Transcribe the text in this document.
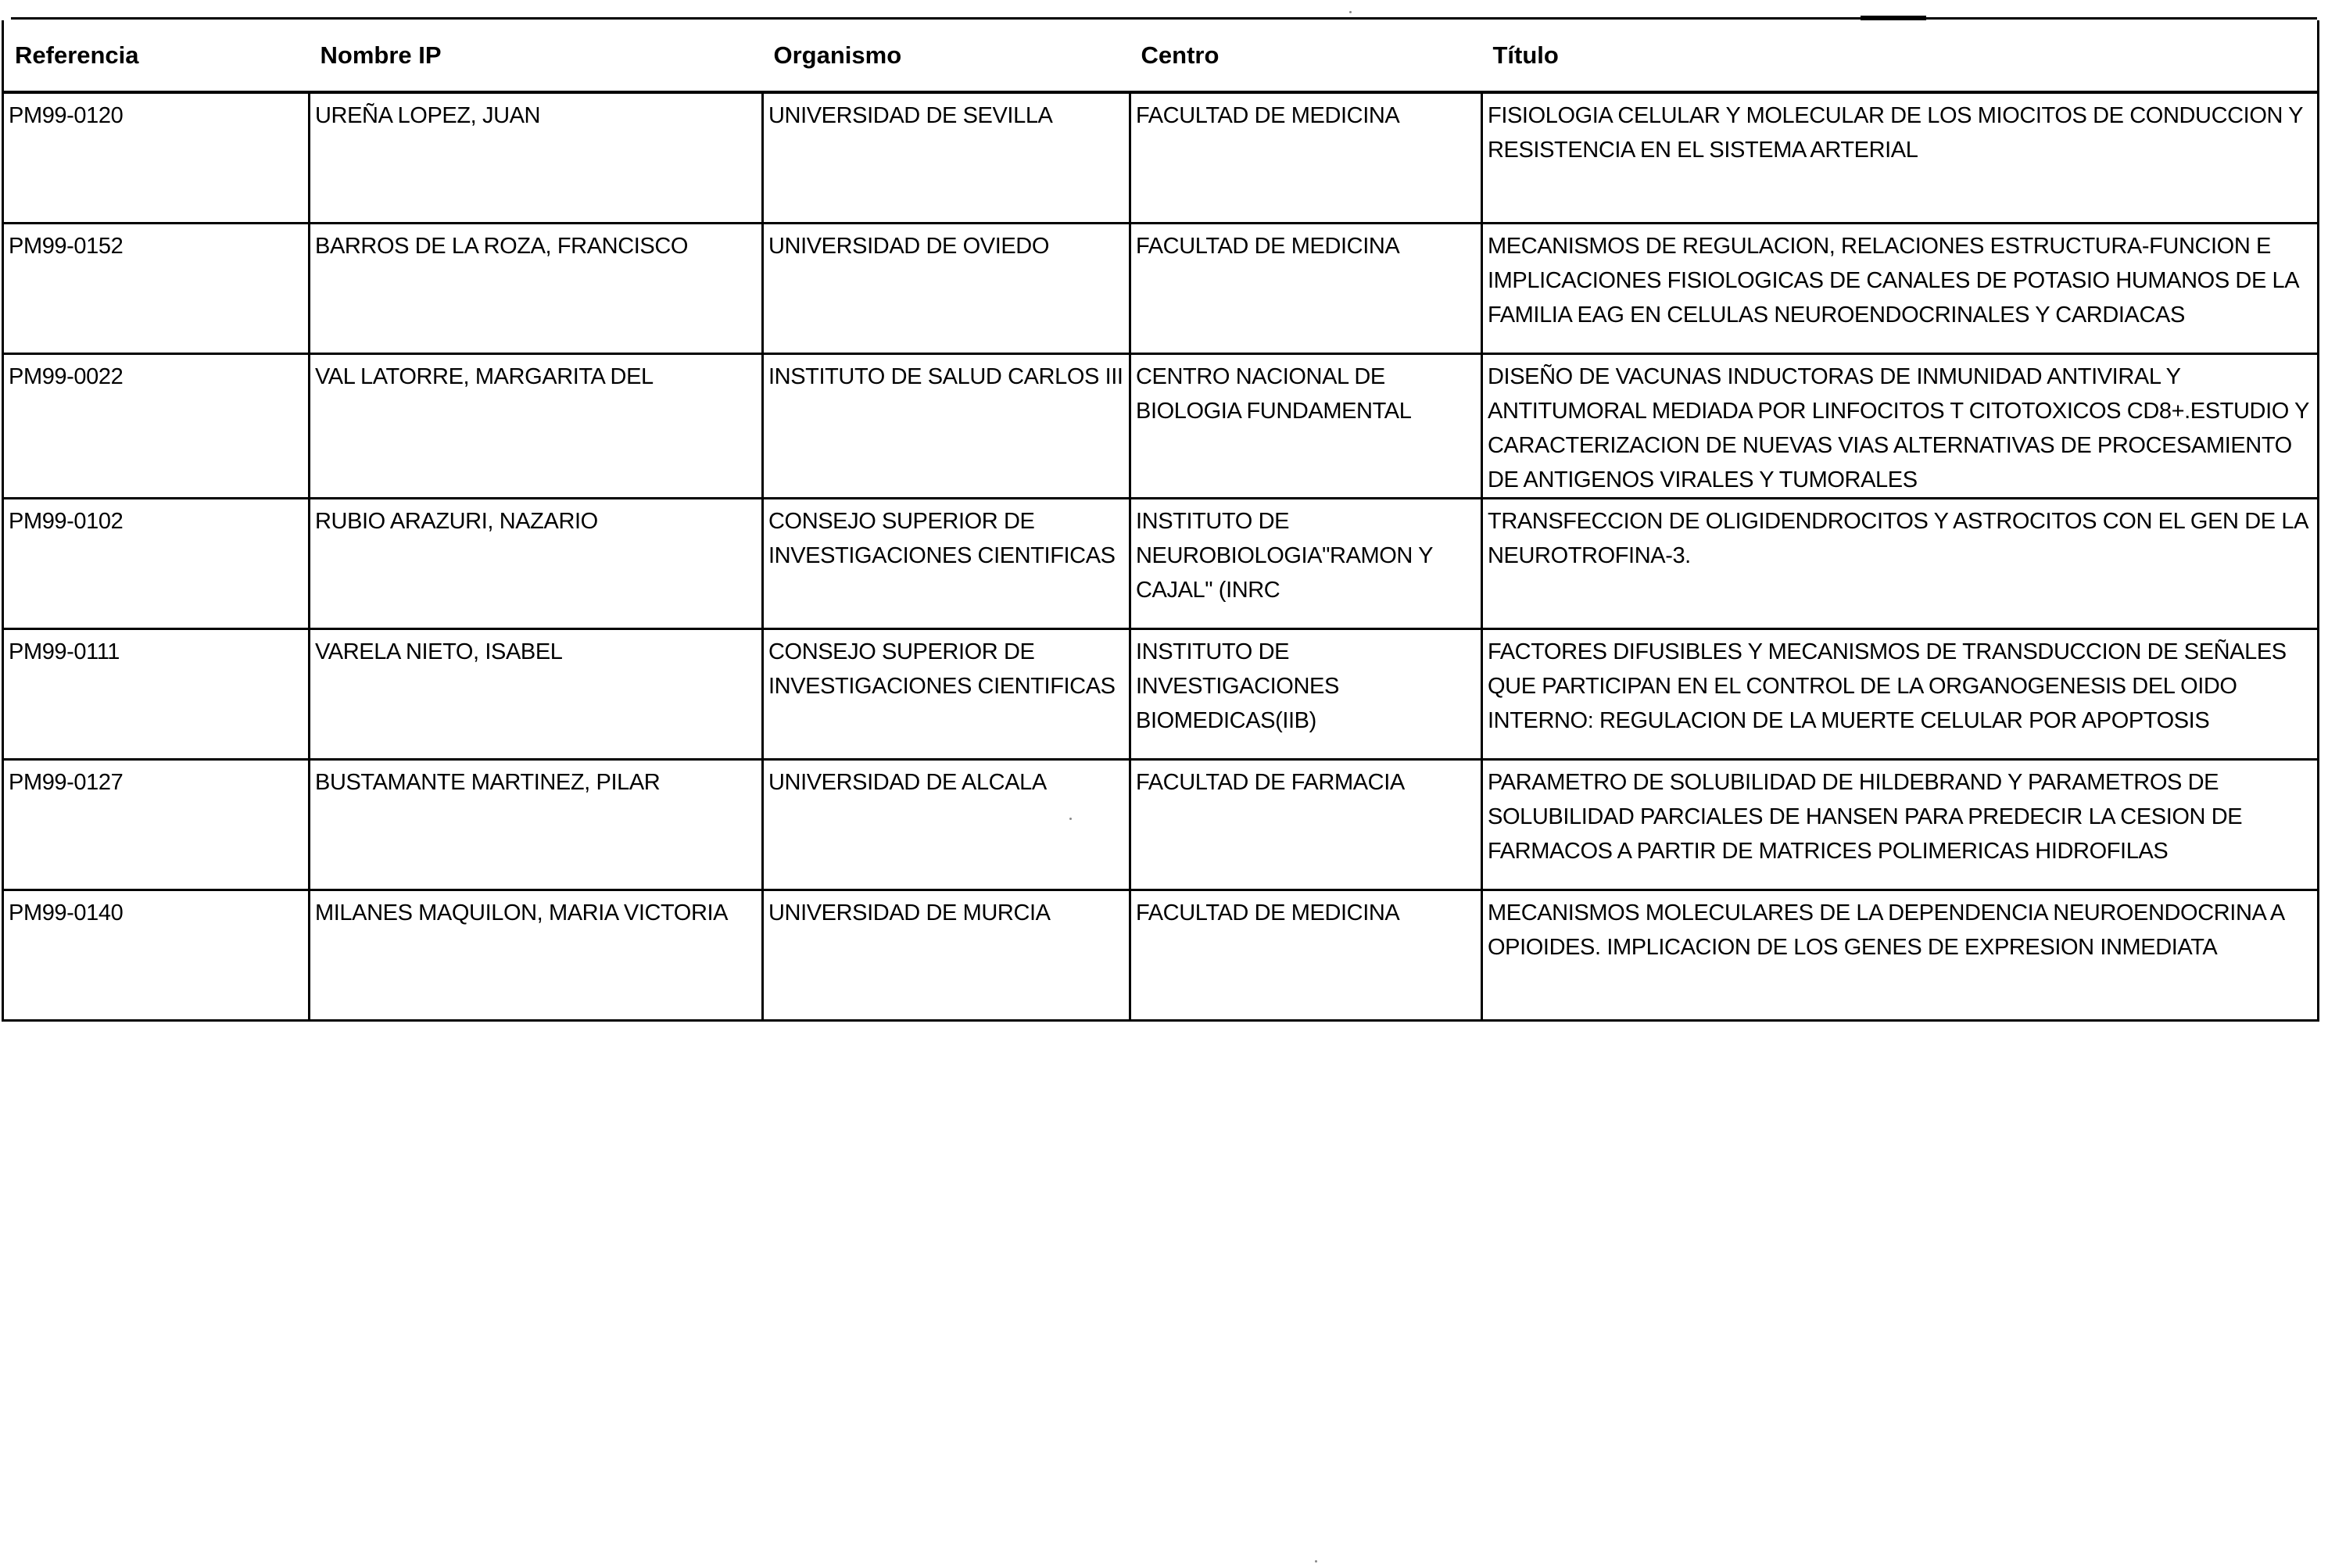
Referencia	Nombre IP	Organismo	Centro	Título
PM99-0120	UREÑA LOPEZ, JUAN	UNIVERSIDAD DE SEVILLA	FACULTAD DE MEDICINA	FISIOLOGIA CELULAR Y MOLECULAR DE LOS MIOCITOS DE CONDUCCION Y RESISTENCIA EN EL SISTEMA ARTERIAL
PM99-0152	BARROS DE LA ROZA, FRANCISCO	UNIVERSIDAD DE OVIEDO	FACULTAD DE MEDICINA	MECANISMOS DE REGULACION, RELACIONES ESTRUCTURA-FUNCION E IMPLICACIONES FISIOLOGICAS DE CANALES DE POTASIO HUMANOS DE LA FAMILIA EAG EN CELULAS NEUROENDOCRINALES Y CARDIACAS
PM99-0022	VAL LATORRE, MARGARITA DEL	INSTITUTO DE SALUD CARLOS III	CENTRO NACIONAL DE BIOLOGIA FUNDAMENTAL	DISEÑO DE VACUNAS INDUCTORAS DE INMUNIDAD ANTIVIRAL Y ANTITUMORAL MEDIADA POR LINFOCITOS T CITOTOXICOS CD8+.ESTUDIO Y CARACTERIZACION DE NUEVAS VIAS ALTERNATIVAS DE PROCESAMIENTO DE ANTIGENOS VIRALES Y TUMORALES
PM99-0102	RUBIO ARAZURI, NAZARIO	CONSEJO SUPERIOR DE INVESTIGACIONES CIENTIFICAS	INSTITUTO DE NEUROBIOLOGIA"RAMON Y CAJAL" (INRC	TRANSFECCION DE OLIGIDENDROCITOS Y ASTROCITOS CON EL GEN DE LA NEUROTROFINA-3.
PM99-0111	VARELA NIETO, ISABEL	CONSEJO SUPERIOR DE INVESTIGACIONES CIENTIFICAS	INSTITUTO DE INVESTIGACIONES BIOMEDICAS(IIB)	FACTORES DIFUSIBLES Y MECANISMOS DE TRANSDUCCION DE SEÑALES QUE PARTICIPAN EN EL CONTROL DE LA ORGANOGENESIS DEL OIDO INTERNO: REGULACION DE LA MUERTE CELULAR POR APOPTOSIS
PM99-0127	BUSTAMANTE MARTINEZ, PILAR	UNIVERSIDAD DE ALCALA	FACULTAD DE FARMACIA	PARAMETRO DE SOLUBILIDAD DE HILDEBRAND Y PARAMETROS DE SOLUBILIDAD PARCIALES DE HANSEN PARA PREDECIR LA CESION DE FARMACOS A PARTIR DE MATRICES POLIMERICAS HIDROFILAS
PM99-0140	MILANES MAQUILON, MARIA VICTORIA	UNIVERSIDAD DE MURCIA	FACULTAD DE MEDICINA	MECANISMOS MOLECULARES DE LA DEPENDENCIA NEUROENDOCRINA A OPIOIDES. IMPLICACION DE LOS GENES DE EXPRESION INMEDIATA
